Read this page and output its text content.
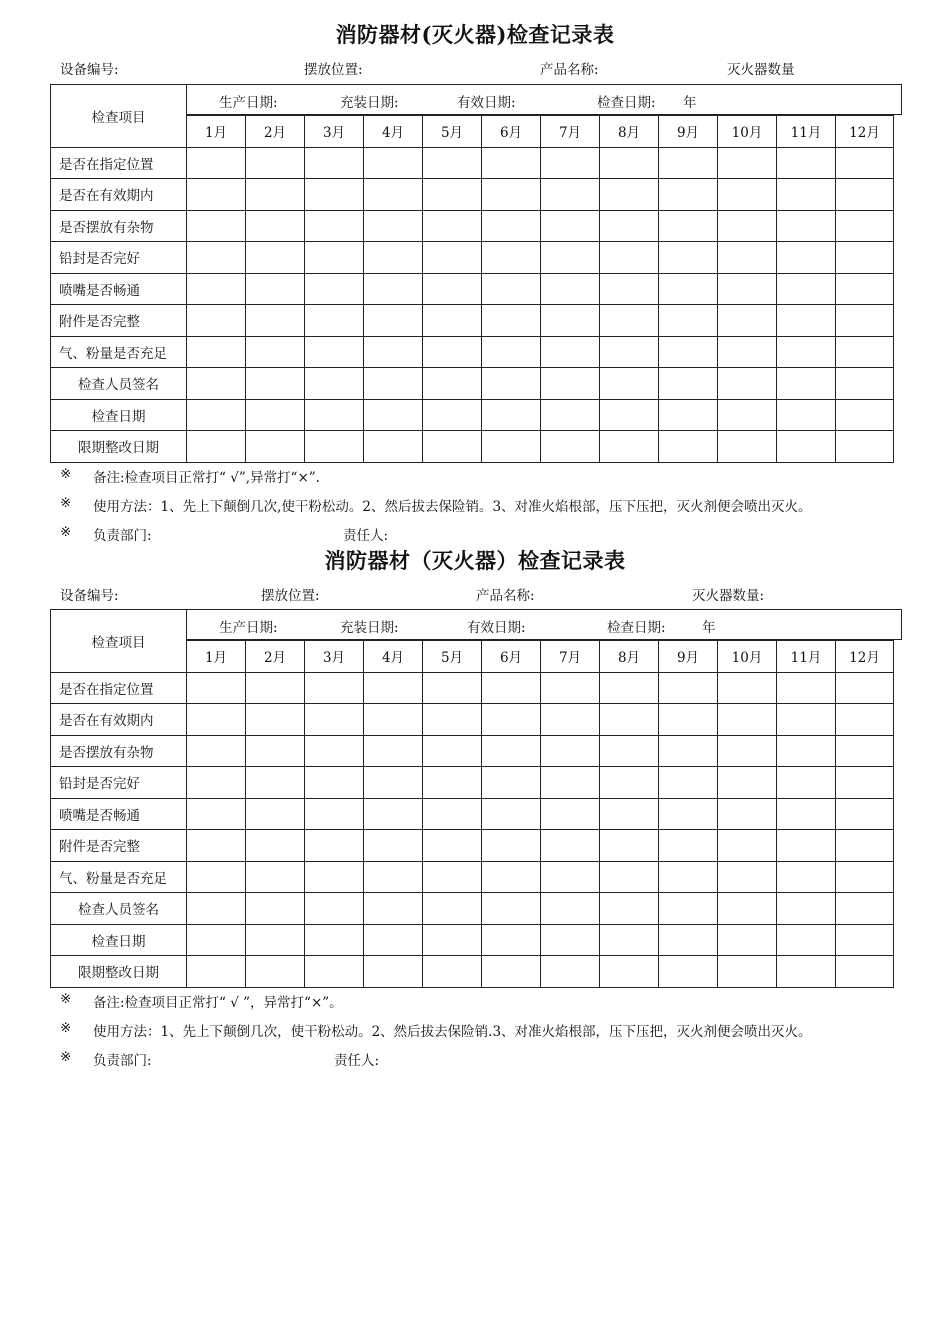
消防器材(灭火器)检查记录表
设备编号:	摆放位置:	产品名称:	灭火器数量
生产日期:	充装日期:	有效日期:	检查日期: 年
检查项目												
	1月	2月	3月	4月	5月	6月	7月	8月	9月	10月	11月	12月
是否在指定位置												
是否在有效期内												
是否摆放有杂物												
铅封是否完好												
喷嘴是否畅通												
附件是否完整												
气、粉量是否充足												
检查人员签名												
检查日期												
限期整改日期												
※ 备注:检查项目正常打“ √”,异常打“×”.
※ 使用方法：1、先上下颠倒几次,使干粉松动。2、然后拔去保险销。3、对准火焰根部，压下压把，灭火剂便会喷出灭火。
※ 负责部门:	责任人:
消防器材（灭火器）检查记录表
设备编号:	摆放位置:	产品名称:	灭火器数量:
生产日期:	充装日期:	有效日期:	检查日期:	年
检查项目												
	1月	2月	3月	4月	5月	6月	7月	8月	9月	10月	11月	12月
是否在指定位置												
是否在有效期内												
是否摆放有杂物												
铅封是否完好												
喷嘴是否畅通												
附件是否完整												
气、粉量是否充足												
检查人员签名												
检查日期												
限期整改日期												
※ 备注:检查项目正常打“ √ ”，异常打“×”。
※ 使用方法：1、先上下颠倒几次，使干粉松动。2、然后拔去保险销.3、对准火焰根部，压下压把，灭火剂便会喷出灭火。
※ 负责部门:	责任人:
